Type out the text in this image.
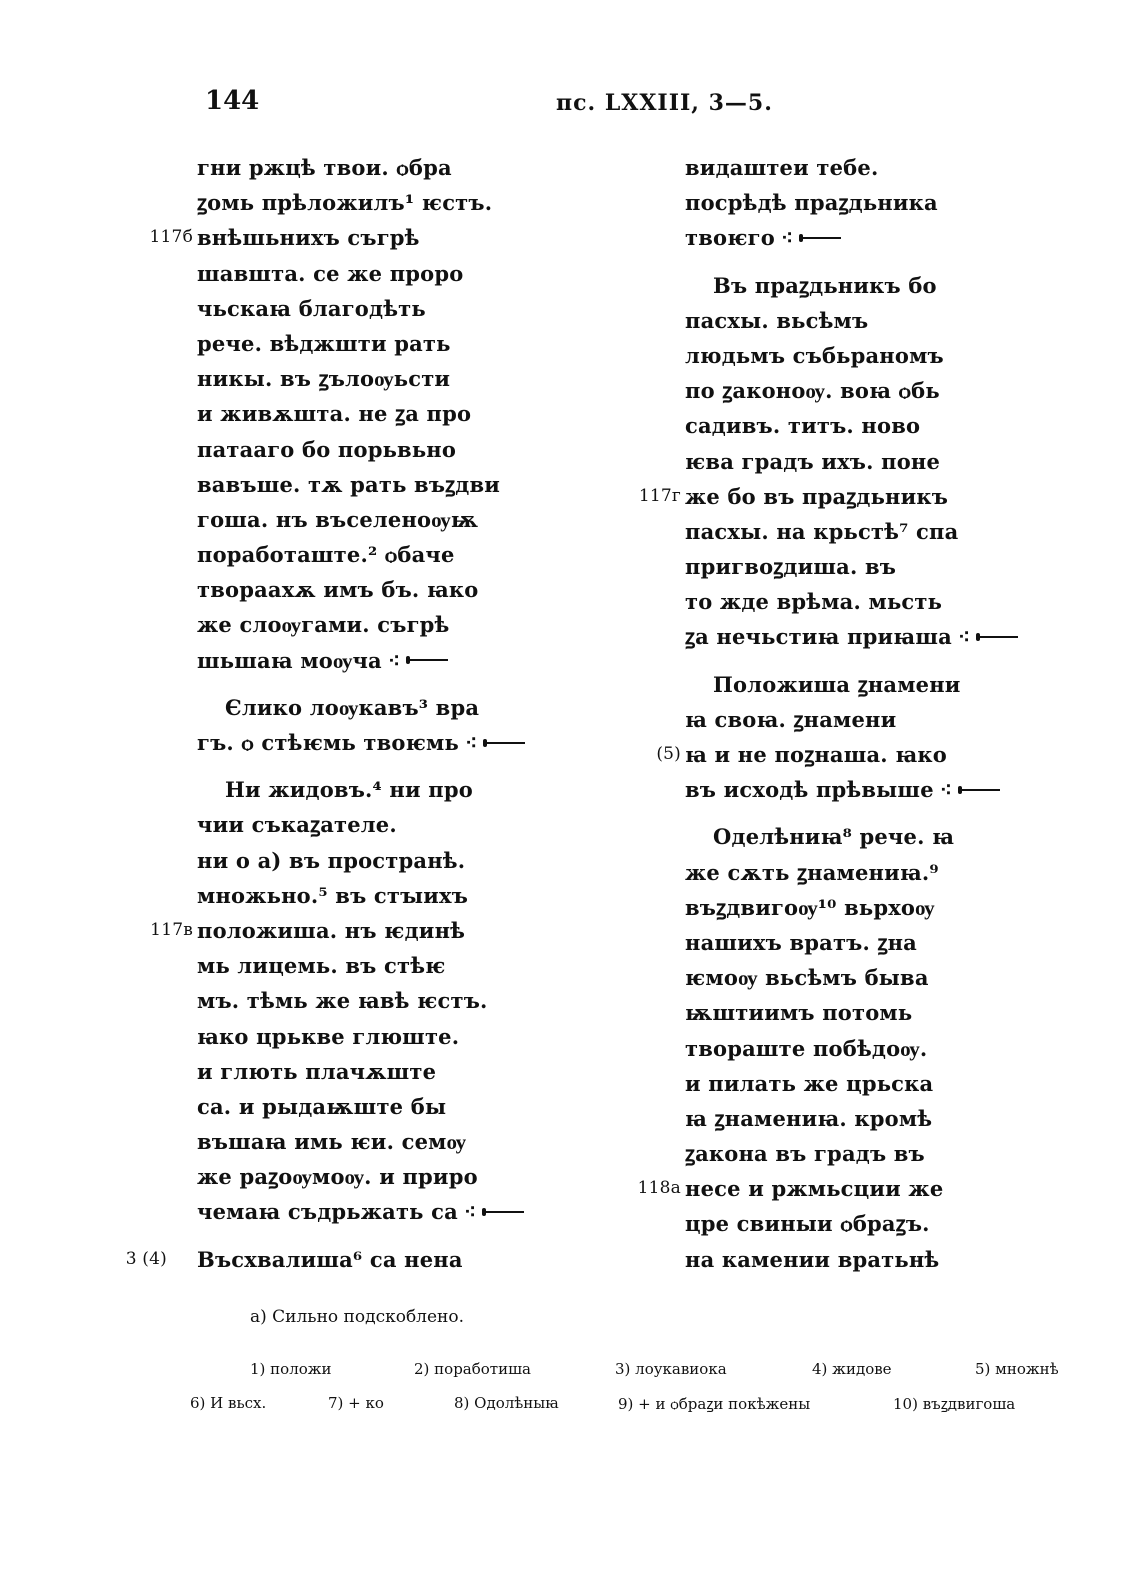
144	пс. LXXIII, 3—5.
гни ржцѣ твои. ѻбра
ꙁомь прѣложилъ¹ ѥстъ.
117б внѣшьнихъ съгрѣ
шавшта. се же проро
чьскаꙗ благодѣть
рече. вѣджшти рать
никы. въ ꙁълоѹьсти
и живѫшта. не ꙁа про
патааго бо порьвьно
вавъше. тѫ рать въꙁдви
гоша. нъ въселеноѹѭ
поработаште.² ѻбаче
твораахѫ имъ бъ. ꙗко
же слоѹгами. съгрѣ
шьшаꙗ моѹча ⁖
Єлико лоѹкавъ³ вра
гъ. ѻ стѣѥмь твоѥмь ⁖
Ни жидовъ.⁴ ни про
чии съкаꙁателе.
ни о а) въ пространѣ.
множьно.⁵ въ стꙑихъ
117в положиша. нъ ѥдинѣ
мь лицемь. въ стѣѥ
мъ. тѣмь же ꙗвѣ ѥстъ.
ꙗко црькве глюште.
и глють плачѫште
са. и рыдаѭште бы
въшаꙗ имь ѥи. семѹ
же раꙁоѹмоѹ. и приро
чемаꙗ съдрьжать са ⁖
3 (4) Въсхвалиша⁶ са нена
видаштеи тебе.
посрѣдѣ праꙁдьника
твоѥго ⁖
Въ праꙁдьникъ бо
пасхы. вьсѣмъ
людьмъ събьраномъ
по ꙁаконоѹ. воꙗ ѻбь
садивъ. титъ. ново
ѥва градъ ихъ. поне
117г же бо въ праꙁдьникъ
пасхы. на крьстѣ⁷ спа
пригвоꙁдиша. въ
то жде врѣма. мьсть
ꙁа нечьстиꙗ приꙗша ⁖
Положиша ꙁнамени
ꙗ своꙗ. ꙁнамени
(5) ꙗ и не поꙁнаша. ꙗко
въ исходѣ прѣвыше ⁖
Оделѣниꙗ⁸ рече. ꙗ
же сѫть ꙁнамениꙗ.⁹
въꙁдвигоѹ¹⁰ вьрхоѹ
нашихъ вратъ. ꙁна
ѥмоѹ вьсѣмъ быва
ѭштиимъ потомь
твораште побѣдоѹ.
и пилать же црьска
ꙗ ꙁнамениꙗ. кромѣ
ꙁакона въ градъ въ
118а несе и ржмьсции же
цре свиныи ѻбраꙁъ.
на камении вратьнѣ
а) Сильно подскоблено.
1) положи	2) поработиша	3) лоукавиока	4) жидове	5) множнѣ
6) И вьсх.	7) + ко	8) Одолѣныꙗ	9) + и ѻбраꙁи покѣжены	10) въꙁдвигоша
